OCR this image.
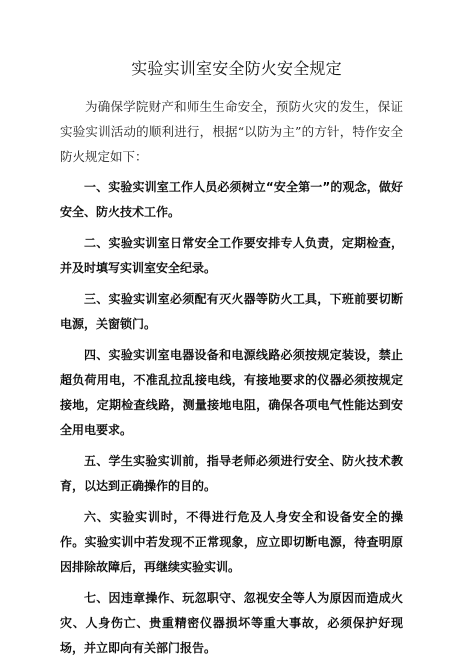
实验实训室安全防火安全规定

为确保学院财产和师生生命安全，预防火灾的发生，保证实验实训活动的顺利进行，根据“以防为主”的方针，特作安全防火规定如下：

一、实验实训室工作人员必须树立“安全第一”的观念，做好安全、防火技术工作。
二、实验实训室日常安全工作要安排专人负责，定期检查，并及时填写实训室安全纪录。
三、实验实训室必须配有灭火器等防火工具，下班前要切断电源，关窗锁门。
四、实验实训室电器设备和电源线路必须按规定装设，禁止超负荷用电，不准乱拉乱接电线，有接地要求的仪器必须按规定接地，定期检查线路，测量接地电阻，确保各项电气性能达到安全用电要求。
五、学生实验实训前，指导老师必须进行安全、防火技术教育，以达到正确操作的目的。
六、实验实训时，不得进行危及人身安全和设备安全的操作。实验实训中若发现不正常现象，应立即切断电源，待查明原因排除故障后，再继续实验实训。
七、因违章操作、玩忽职守、忽视安全等人为原因而造成火灾、人身伤亡、贵重精密仪器损坏等重大事故，必须保护好现场，并立即向有关部门报告。
